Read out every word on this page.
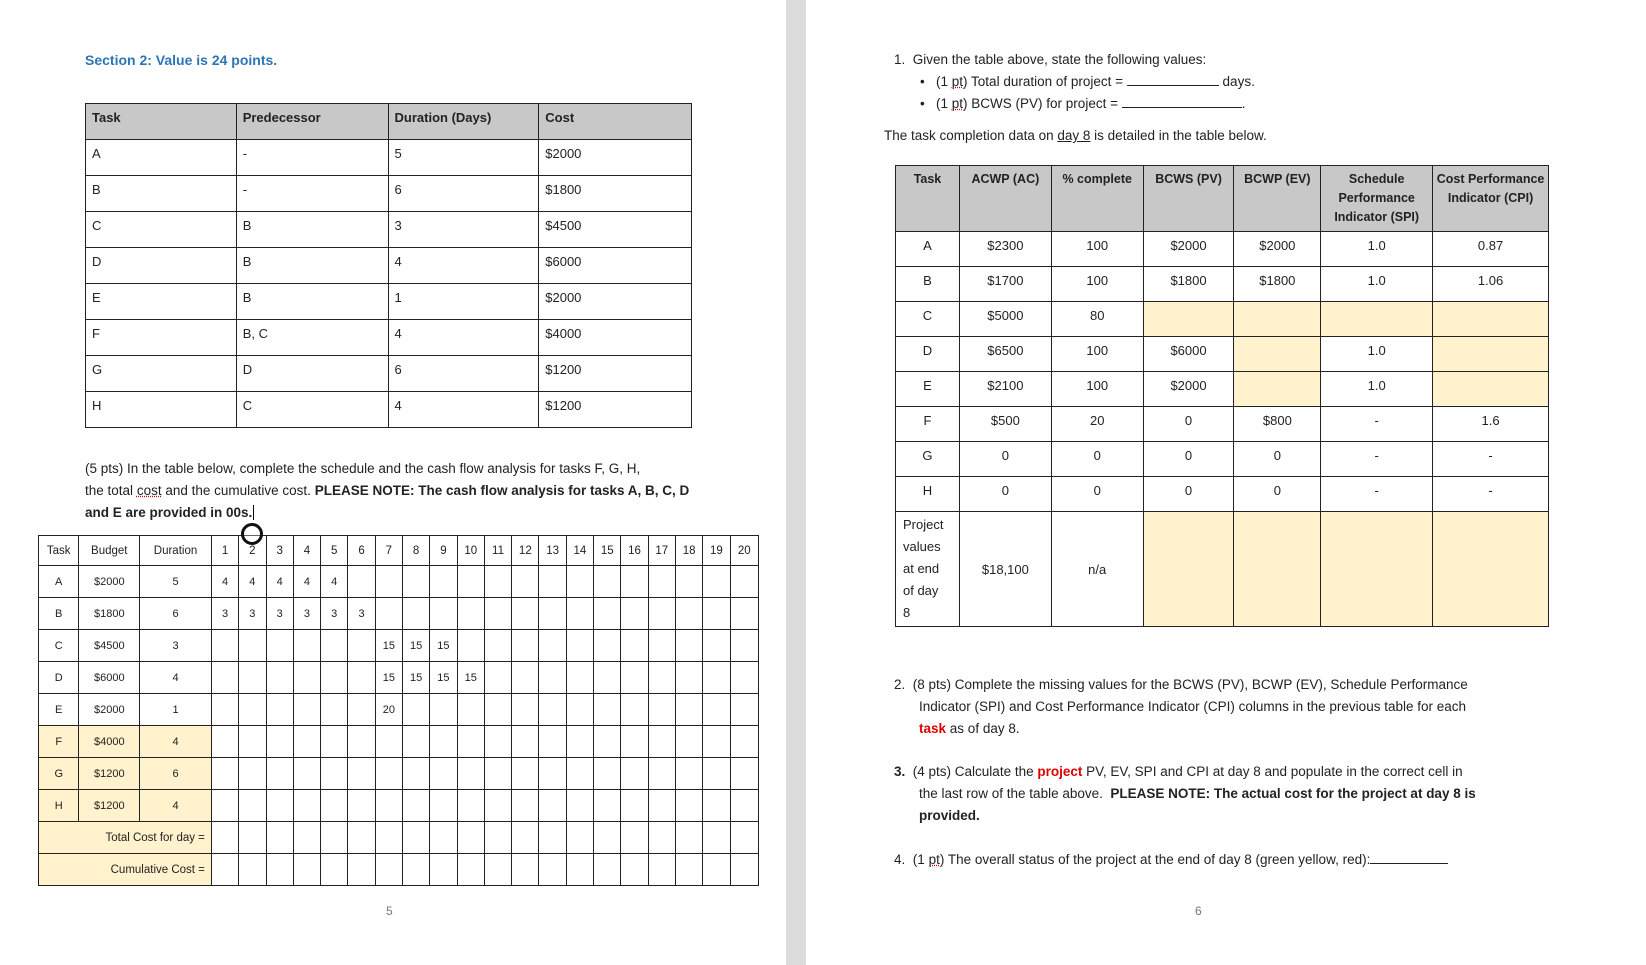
Section 2: Value is 24 points.
Task	Predecessor	Duration (Days)	Cost
A	-	5	$2000
B	-	6	$1800
C	B	3	$4500
D	B	4	$6000
E	B	1	$2000
F	B, C	4	$4000
G	D	6	$1200
H	C	4	$1200
(5 pts) In the table below, complete the schedule and the cash flow analysis for tasks F, G, H,
the total cost and the cumulative cost. PLEASE NOTE: The cash flow analysis for tasks A, B, C, D
and E are provided in 00s.
Task	Budget	Duration	1	2	3	4	5	6	7	8	9	10	11	12	13	14	15	16	17	18	19	20
A	$2000	5	4	4	4	4	4															
B	$1800	6	3	3	3	3	3	3														
C	$4500	3							15	15	15											
D	$6000	4							15	15	15	15										
E	$2000	1							20													
F	$4000	4																				
G	$1200	6																				
H	$1200	4																				
Total Cost for day =																						
Cumulative Cost =																						
5
1. Given the table above, state the following values:
•   (1 pt) Total duration of project =	days.
•   (1 pt) BCWS (PV) for project =	.
The task completion data on day 8 is detailed in the table below.
Task	ACWP (AC)	% complete	BCWS (PV)	BCWP (EV)	Schedule Performance Indicator (SPI)	Cost Performance Indicator (CPI)
A	$2300	100	$2000	$2000	1.0	0.87
B	$1700	100	$1800	$1800	1.0	1.06
C	$5000	80				
D	$6500	100	$6000		1.0	
E	$2100	100	$2000		1.0	
F	$500	20	0	$800	-	1.6
G	0	0	0	0	-	-
H	0	0	0	0	-	-

Project
values
at end
of day
8	$18,100	n/a				
2. (8 pts) Complete the missing values for the BCWS (PV), BCWP (EV), Schedule Performance
Indicator (SPI) and Cost Performance Indicator (CPI) columns in the previous table for each
task as of day 8.
3. (4 pts) Calculate the project PV, EV, SPI and CPI at day 8 and populate in the correct cell in
the last row of the table above. PLEASE NOTE: The actual cost for the project at day 8 is
provided.
4. (1 pt) The overall status of the project at the end of day 8 (green yellow, red):
6
